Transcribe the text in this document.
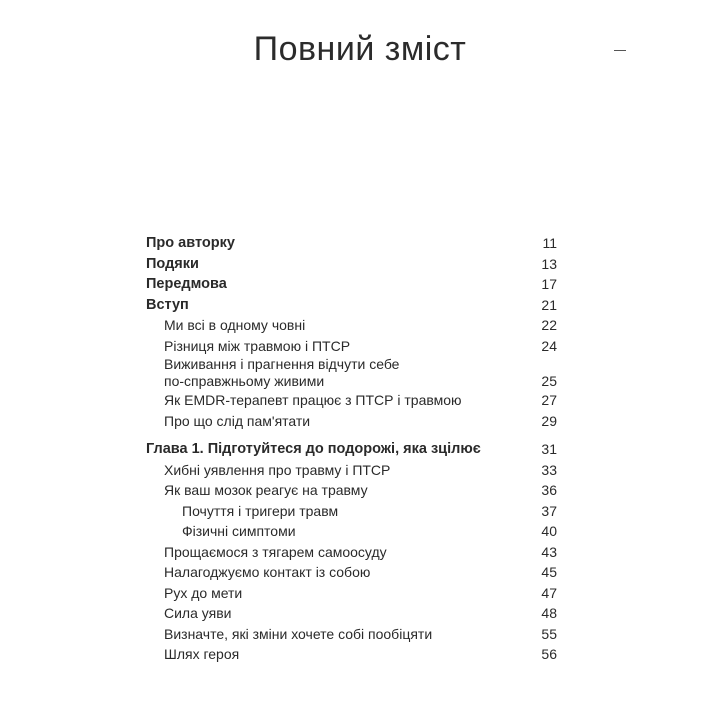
Повний зміст
Про авторку	11
Подяки	13
Передмова	17
Вступ	21
Ми всі в одному човні	22
Різниця між травмою і ПТСР	24
Виживання і прагнення відчути себе по-справжньому живими	25
Як EMDR-терапевт працює з ПТСР і травмою	27
Про що слід пам'ятати	29
Глава 1. Підготуйтеся до подорожі, яка зцілює	31
Хибні уявлення про травму і ПТСР	33
Як ваш мозок реагує на травму	36
Почуття і тригери травм	37
Фізичні симптоми	40
Прощаємося з тягарем самоосуду	43
Налагоджуємо контакт із собою	45
Рух до мети	47
Сила уяви	48
Визначте, які зміни хочете собі пообіцяти	55
Шлях героя	56
